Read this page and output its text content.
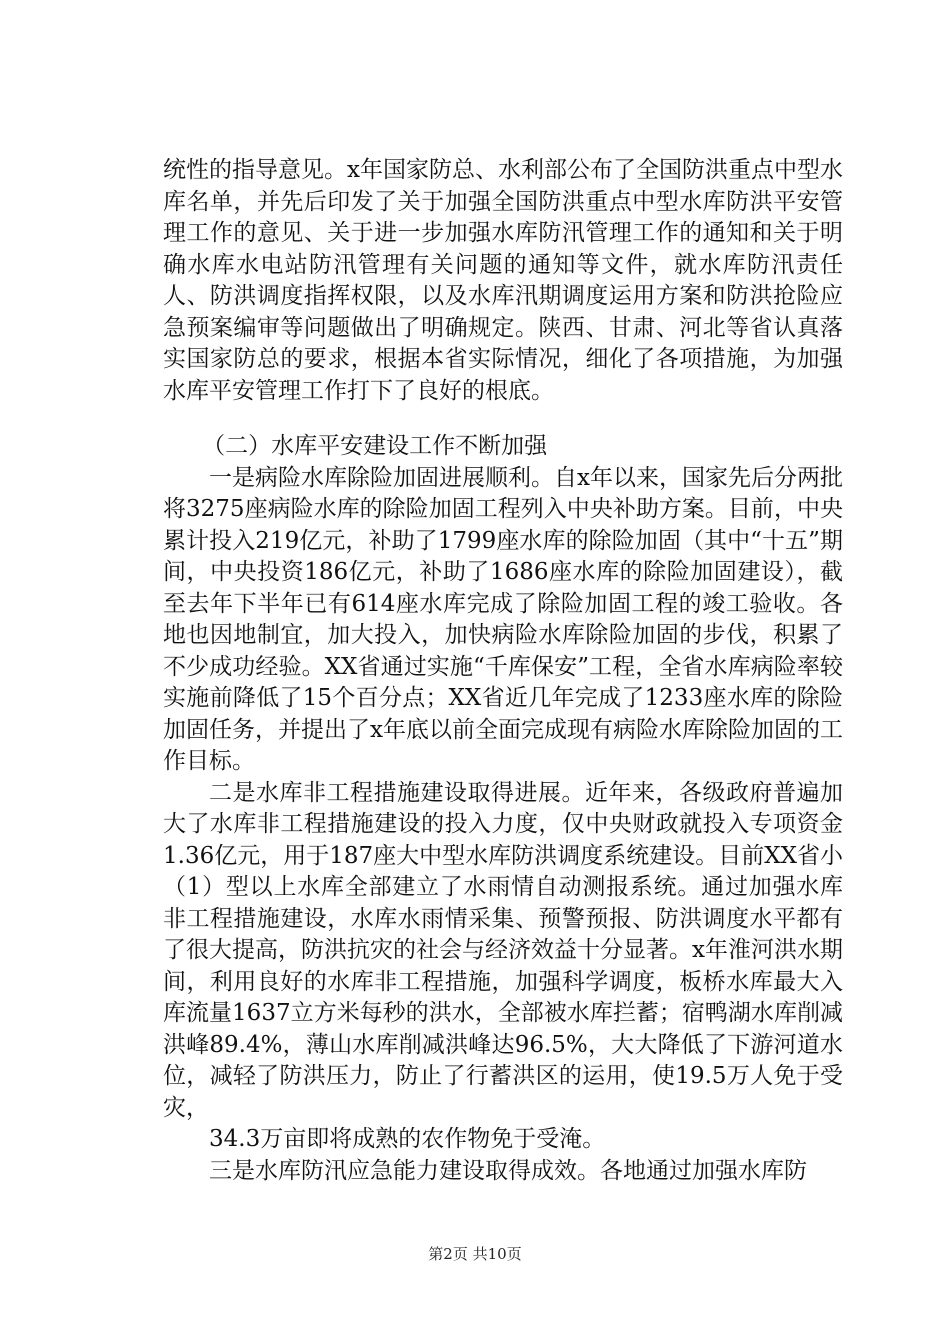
统性的指导意见。x年国家防总、水利部公布了全国防洪重点中型水库名单，并先后印发了关于加强全国防洪重点中型水库防洪平安管理工作的意见、关于进一步加强水库防汛管理工作的通知和关于明确水库水电站防汛管理有关问题的通知等文件，就水库防汛责任人、防洪调度指挥权限，以及水库汛期调度运用方案和防洪抢险应急预案编审等问题做出了明确规定。陕西、甘肃、河北等省认真落实国家防总的要求，根据本省实际情况，细化了各项措施，为加强水库平安管理工作打下了良好的根底。

（二）水库平安建设工作不断加强

一是病险水库除险加固进展顺利。自x年以来，国家先后分两批将3275座病险水库的除险加固工程列入中央补助方案。目前，中央累计投入219亿元，补助了1799座水库的除险加固（其中“十五”期间，中央投资186亿元，补助了1686座水库的除险加固建设），截至去年下半年已有614座水库完成了除险加固工程的竣工验收。各地也因地制宜，加大投入，加快病险水库除险加固的步伐，积累了不少成功经验。XX省通过实施“千库保安”工程，全省水库病险率较实施前降低了15个百分点；XX省近几年完成了1233座水库的除险加固任务，并提出了x年底以前全面完成现有病险水库除险加固的工作目标。

二是水库非工程措施建设取得进展。近年来，各级政府普遍加大了水库非工程措施建设的投入力度，仅中央财政就投入专项资金1.36亿元，用于187座大中型水库防洪调度系统建设。目前XX省小（1）型以上水库全部建立了水雨情自动测报系统。通过加强水库非工程措施建设，水库水雨情采集、预警预报、防洪调度水平都有了很大提高，防洪抗灾的社会与经济效益十分显著。x年淮河洪水期间，利用良好的水库非工程措施，加强科学调度，板桥水库最大入库流量1637立方米每秒的洪水，全部被水库拦蓄；宿鸭湖水库削减洪峰89.4%，薄山水库削减洪峰达96.5%，大大降低了下游河道水位，减轻了防洪压力，防止了行蓄洪区的运用，使19.5万人免于受灾，

34.3万亩即将成熟的农作物免于受淹。

三是水库防汛应急能力建设取得成效。各地通过加强水库防

第2页 共10页
